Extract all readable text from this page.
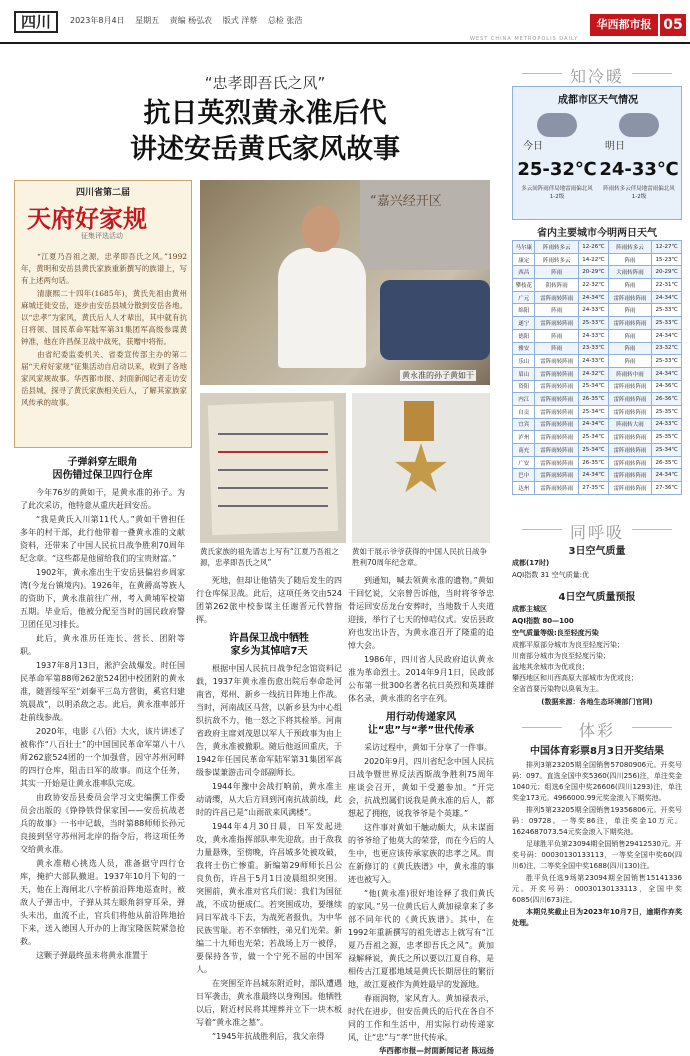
四川	2023年8月4日 星期五 责编 杨弘农 版式 洋蔡 总检 张浩
WEST CHINA METROPOLIS DAILY
华西都市报 05
“忠孝即吾氏之风”
抗日英烈黄永准后代
讲述安岳黄氏家风故事
四川省第二届
天府好家规
征集评选活动

“江夏乃吾祖之源，忠孝即吾氏之风。”1992年，黄明和安岳县黄氏家族重新撰写的族谱上，写有上述两句话。

清康熙二十四年(1685年)，黄氏先祖由黄州麻城迁徙安岳，逐步由安岳县城分散到安岳各地。以“忠孝”为家风，黄氏后人人才辈出，其中就有抗日将领、国民革命军陆军第31集团军高级参谋黄钟准，他在许昌保卫战中战死，获赠中将衔。

由省纪委监委机关、省委宣传部主办的第二届“天府好家规”征集活动自启动以来，收到了各地家风家规故事。华西都市报、封面新闻记者走访安岳县城，探寻了黄氏家族相关后人，了解其家族家风传承的故事。

“嘉兴经开区
黄永准的孙子黄如干
黄氏家族的祖先谱志上写有“江夏乃吾祖之源，忠孝即吾氏之风”
黄如干展示爷爷获得的中国人民抗日战争胜利70周年纪念章。
子弹斜穿左眼角
因伤错过保卫四行仓库

今年76岁的黄如干，是黄永准的孙子。为了此次采访，他特意从重庆赶回安岳。

“我是黄氏入川第11代人。”黄如干曾担任多年的村干部，此行他带着一叠黄永准的文献资料，还带来了中国人民抗日战争胜利70周年纪念章。“这些都是他留给我们的宝贵财富。”

1902年，黄永准出生于安岳县偏岩乡周家湾(今龙台镇境内)。1926年，在黄爵高等族人的资助下，黄永准前往广州，考入黄埔军校第五期。毕业后，他被分配至当时的国民政府警卫团任见习排长。

此后，黄永准历任连长、营长、团附等职。

1937年8月13日，淞沪会战爆发。时任国民革命军第88师262旅524团中校团附的黄永准，随晋绥军至“刘秦平三岛方营街，奚官归建筑晨战”，以明杀敌之志。此后，黄永准率部开赴前线参战。

2020年，电影《八佰》大火，该片讲述了被称作“八百壮士”的中国国民革命军第八十八师262旅524团的一个加强营，因守苏州河畔的四行仓库，阻击日军的故事。而这个任务，其实一开始是让黄永准率队完成。

由政协安岳县委员会学习文史编撰工作委员会出版的《铮铮铁骨保家国——安岳抗战老兵的故事》一书中记载，当时第88师师长孙元良接到坚守苏州河北岸的指令后，将这项任务交给黄永准。

黄永准精心挑选人员，准备据守四行仓库，掩护大部队撤退。1937年10月下旬的一天，他在上海闸北八字桥前沿阵地巡查时，被敌人子弹击中，子弹从其左眼角斜穿耳朵，弹头未出，血流不止，官兵们将他从前沿阵地抬下来，送入德国人开办的上海宝隆医院紧急抢救。

这颗子弹最终虽未将黄永准置于

死地，但却让他错失了随后发生的四行仓库保卫战。此后，这项任务交由524团第262旅中校参谋主任谢晋元代替指挥。

许昌保卫战中牺牲
家乡为其悼唁7天

根据中国人民抗日战争纪念馆资料记载，1937年黄永准伤愈出院后奉命赴河南省，郑州、新乡一线抗日阵地上作战。当时，河南战区马营，以新乡县为中心组织抗敌不力，他一怒之下将其检举。河南省政府主席刘茂恩以军人干预政事为由上告，黄永准被撤职。随后他返回重庆，于1942年任国民革命军陆军第31集团军高级参谋兼游击司令部副师长。

1944年豫中会战打响前，黄永准主动请缨，从大后方回到河南抗战前线，此时的许昌已是“山雨欲来风满楼”。

1944年4月30日晨，日军发起进攻，黄永准指挥部队率先迎敌。由于敌我力量悬殊，至傍晚，许昌城多处被攻破，我将士伤亡惨重。新编第29师师长吕公良负伤，许昌于5月1日凌晨组织突围。突围前，黄永准对官兵们说：我们为国征战，不成功便成仁。若突围成功，要继续同日军战斗下去，为战死者报仇，为中华民族雪耻。若不幸牺牲，弟兄们光荣。新编二十九师也光荣；若战场上万一被俘，要保持各节，做一个宁死不屈的中国军人。

在突围至许昌城东附近时，部队遭遇日军袭击，黄永准最终以身殉国。他牺牲以后，附近村民将其埋葬并立下一块木板写着“黄永准之墓”。

“1945年抗战胜利后，我父亲得

到通知，喊去领黄永准的遗物。”黄如干回忆说，父亲曾告诉他，当时将爷爷忠骨运回安岳龙台安葬时，当地数千人夹道迎接，举行了七天的悼唁仪式。安岳县政府也发出讣告，为黄永准召开了隆重的追悼大会。

1986年，四川省人民政府追认黄永准为革命烈士。2014年9月1日，民政部公布第一批300名著名抗日英烈和英雄群体名录，黄永准的名字在列。

用行动传递家风
让“忠”与“孝”世代传承

采访过程中，黄如干分享了一件事。

2020年9月，四川省纪念中国人民抗日战争暨世界反法西斯战争胜利75周年座谈会召开，黄如干受邀参加。“开完会，抗战烈属们说我是黄永准的后人，都想起了拥抱，说我爷爷是个英雄。”

这件事对黄如干触动颇大，从未谋面的爷爷给了他莫大的荣誉，而在今后的人生中，也更应该传承家族的忠孝之风。而在新修订的《黄氏族谱》中，黄永准的事迹也被写入。

“他(黄永准)很好地诠释了我们黄氏的家风。”另一位黄氏后人黄加禄拿来了多部不同年代的《黄氏族谱》。其中，在1992年重新撰写的祖先谱志上就写有“江夏乃吾祖之源，忠孝即吾氏之风”。黄加禄解释说，黄氏之所以要以江夏自称，是相传古江夏郡地域是黄氏长期居住的繁衍地，故江夏被作为黄姓最早的发源地。

春雨润物，家风育人。黄加禄表示，时代在进步，但安岳黄氏的后代在各自不同的工作和生活中，用实际行动传递家风，让“忠”与“孝”世代传承。

华西都市报—封面新闻记者 陈远扬
知冷暖
成都市区天气情况
今日
25-32℃
多云间阵雨伴局地雷雨偏北风1-2级
明日
24-33℃
阵雨转多云伴局地雷雨偏北风1-2级
省内主要城市今明两日天气
马尔康	阵雨转多云	12-26℃	阵雨转多云	12-27℃
康定	阵雨转多云	14-22℃	阵雨	15-23℃
西昌	阵雨	20-29℃	大雨转阵雨	20-29℃
攀枝花	阴转阵雨	22-32℃	阵雨	22-31℃
广元	雷阵雨转阵雨	24-34℃	雷阵雨转阵雨	24-34℃
绵阳	阵雨	24-33℃	阵雨	25-33℃
遂宁	雷阵雨转阵雨	25-33℃	雷阵雨转阵雨	25-33℃
德阳	阵雨	24-33℃	阵雨	24-34℃
雅安	阵雨	23-33℃	阵雨	23-32℃
乐山	雷阵雨转阵雨	24-33℃	阵雨	25-33℃
眉山	雷阵雨转阵雨	24-32℃	阵雨转中雨	24-34℃
资阳	雷阵雨转阵雨	25-34℃	雷阵雨转阵雨	24-36℃
内江	雷阵雨转阵雨	26-35℃	雷阵雨转阵雨	26-36℃
自贡	雷阵雨转阵雨	25-34℃	雷阵雨转阵雨	25-35℃
宜宾	雷阵雨转阵雨	24-34℃	阵雨转大雨	24-33℃
泸州	雷阵雨转阵雨	25-34℃	雷阵雨转阵雨	25-35℃
南充	雷阵雨转阵雨	25-34℃	雷阵雨转阵雨	25-34℃
广安	雷阵雨转阵雨	26-35℃	雷阵雨转阵雨	26-35℃
巴中	雷阵雨转阵雨	24-34℃	雷阵雨转阵雨	24-34℃
达州	雷阵雨转阵雨	27-35℃	雷阵雨转阵雨	27-36℃
同呼吸
3日空气质量
成都(17时)
AQI指数 31 空气质量:优
4日空气质量预报
成都主城区
AQI指数 80—100
空气质量等级:良至轻度污染
成都平原部分城市为良至轻度污染；
川南部分城市为良至轻度污染；
盆地其余城市为优或良；
攀西地区和川西高原大部城市为优或良；
全省首要污染物以臭氧为主。
(数据来源：各地生态环境部门官网)
体彩
中国体育彩票8月3日开奖结果

排列3第23205期全国销售57080906元。开奖号码：097。直选全国中奖5360(四川256)注，单注奖金1040元；组选6全国中奖26606(四川1293)注，单注奖金173元。4966000.99元奖金滚入下期奖池。

排列5第23205期全国销售19356806元。开奖号码：09728。一等奖86注，单注奖金10万元。1624687073.54元奖金滚入下期奖池。

足球胜平负第23094期全国销售29412530元。开奖号码：00030130133113，一等奖全国中奖60(四川6)注，二等奖全国中奖1688(四川130)注。

胜平负任选9场第23094期全国销售15141336元。开奖号码：00030130133113，全国中奖6085(四川673)注。

本期兑奖截止日为2023年10月7日，逾期作弃奖处理。
